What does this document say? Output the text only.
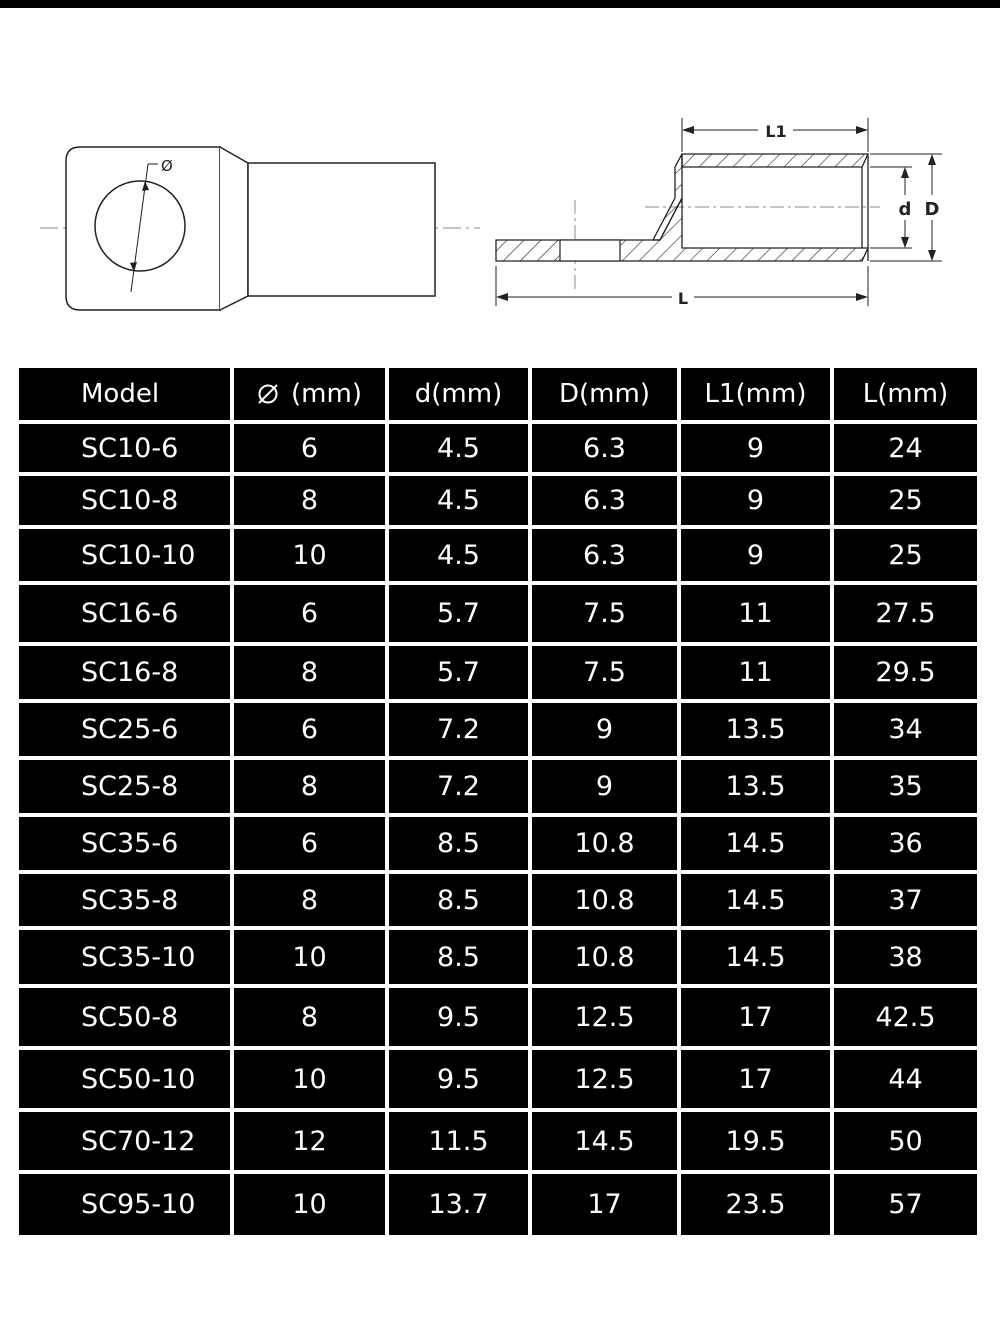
Ø
L1
L
d D
Model	(mm)	d(mm)	D(mm)	L1(mm)	L(mm)
SC10-6	6	4.5	6.3	9	24
SC10-8	8	4.5	6.3	9	25
SC10-10	10	4.5	6.3	9	25
SC16-6	6	5.7	7.5	11	27.5
SC16-8	8	5.7	7.5	11	29.5
SC25-6	6	7.2	9	13.5	34
SC25-8	8	7.2	9	13.5	35
SC35-6	6	8.5	10.8	14.5	36
SC35-8	8	8.5	10.8	14.5	37
SC35-10	10	8.5	10.8	14.5	38
SC50-8	8	9.5	12.5	17	42.5
SC50-10	10	9.5	12.5	17	44
SC70-12	12	11.5	14.5	19.5	50
SC95-10	10	13.7	17	23.5	57
